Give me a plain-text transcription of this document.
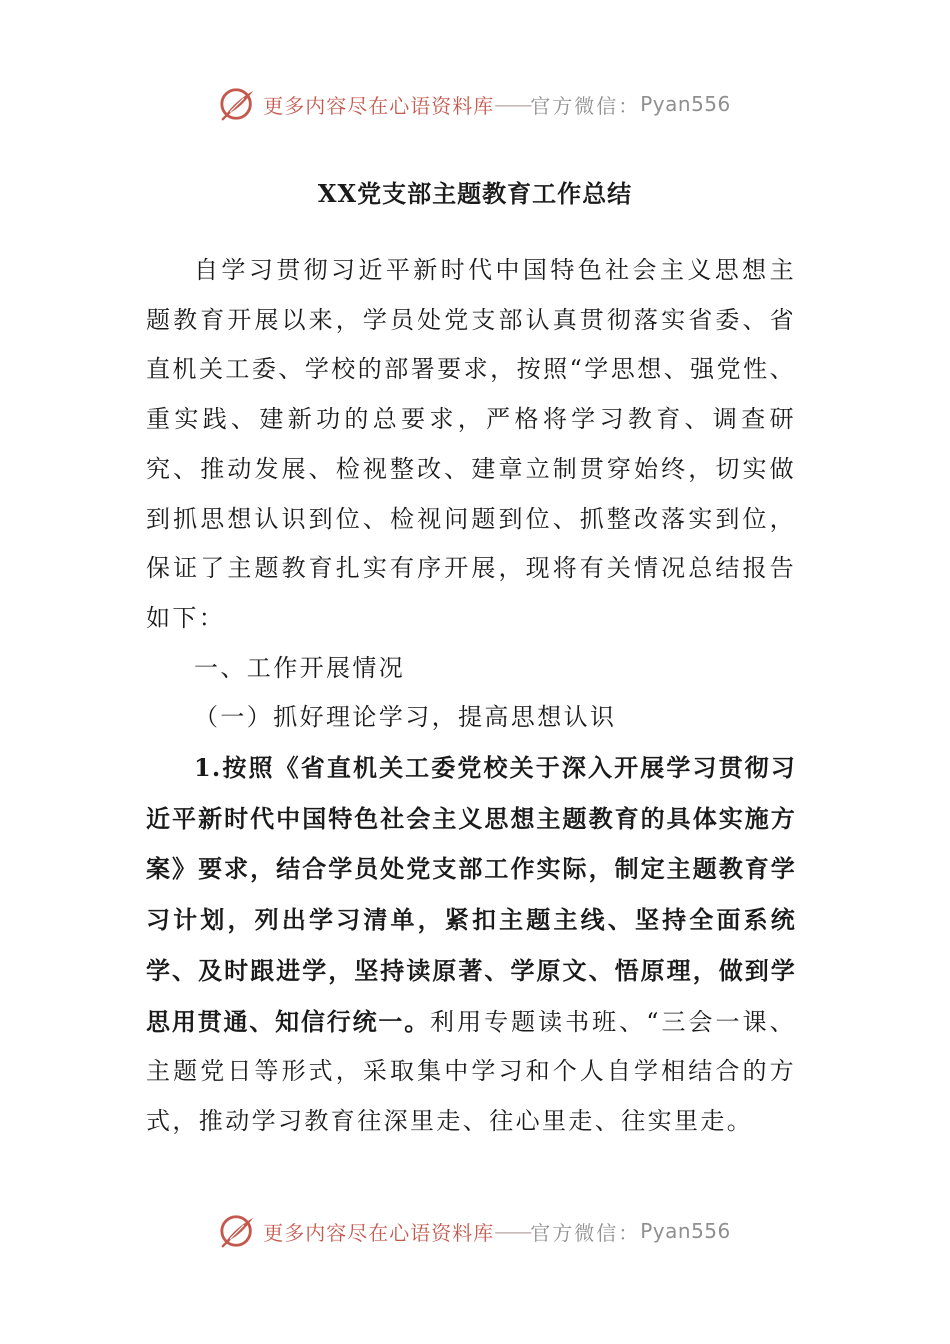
更多内容尽在心语资料库 —— 官方微信： Pyan556
XX党支部主题教育工作总结

自学习贯彻习近平新时代中国特色社会主义思想主题教育开展以来，学员处党支部认真贯彻落实省委、省直机关工委、学校的部署要求，按照“学思想、强党性、重实践、建新功的总要求，严格将学习教育、调查研究、推动发展、检视整改、建章立制贯穿始终，切实做到抓思想认识到位、检视问题到位、抓整改落实到位，保证了主题教育扎实有序开展，现将有关情况总结报告如下：

一、工作开展情况

（一）抓好理论学习，提高思想认识

1.按照《省直机关工委党校关于深入开展学习贯彻习近平新时代中国特色社会主义思想主题教育的具体实施方案》要求，结合学员处党支部工作实际，制定主题教育学习计划，列出学习清单，紧扣主题主线、坚持全面系统学、及时跟进学，坚持读原著、学原文、悟原理，做到学思用贯通、知信行统一。利用专题读书班、“三会一课、主题党日等形式，采取集中学习和个人自学相结合的方式，推动学习教育往深里走、往心里走、往实里走。

更多内容尽在心语资料库 —— 官方微信： Pyan556
